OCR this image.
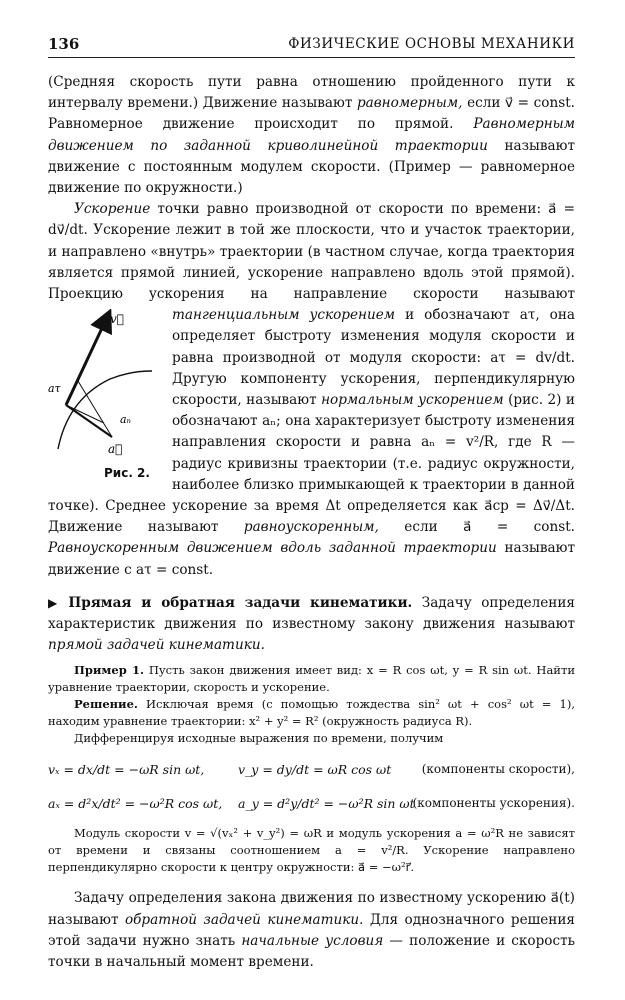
136	ФИЗИЧЕСКИЕ ОСНОВЫ МЕХАНИКИ

(Средняя скорость пути равна отношению пройденного пути к интервалу времени.) Движение называют равномерным, если v⃗ = const. Равномерное движение происходит по прямой. Равномерным движением по заданной криволинейной траектории называют движение с постоянным модулем скорости. (Пример — равномерное движение по окружности.)

Ускорение точки равно производной от скорости по времени: a⃗ = dv⃗/dt. Ускорение лежит в той же плоскости, что и участок траектории, и направлено «внутрь» траектории (в частном случае, когда траектория является прямой линией, ускорение направлено вдоль этой прямой). Проекцию ускорения на направление скорости называют
v⃗
aτ
aₙ
a⃗
Рис. 2.
тангенциальным ускорением и обозначают aτ, она определяет быстроту изменения модуля скорости и равна производной от модуля скорости: aτ = dv/dt. Другую компоненту ускорения, перпендикулярную скорости, называют нормальным ускорением (рис. 2) и обозначают aₙ; она характеризует быстроту изменения направления скорости и равна aₙ = v²/R, где R — радиус кривизны траектории (т.е. радиус окружности, наиболее близко примыкающей к траектории в данной точке). Среднее ускорение за время Δt определяется как a⃗ср = Δv⃗/Δt. Движение называют равноускоренным, если a⃗ = const. Равноускоренным движением вдоль заданной траектории называют движение с aτ = const.

▶ Прямая и обратная задачи кинематики. Задачу определения характеристик движения по известному закону движения называют прямой задачей кинематики.

Пример 1. Пусть закон движения имеет вид: x = R cos ωt, y = R sin ωt. Найти уравнение траектории, скорость и ускорение.

Решение. Исключая время (с помощью тождества sin² ωt + cos² ωt = 1), находим уравнение траектории: x² + y² = R² (окружность радиуса R).

Дифференцируя исходные выражения по времени, получим

vₓ = dx/dt = −ωR sin ωt,	v_y = dy/dt = ωR cos ωt	(компоненты скорости),
aₓ = d²x/dt² = −ω²R cos ωt, a_y = d²y/dt² = −ω²R sin ωt
(компоненты ускорения).

Модуль скорости v = √(vₓ² + v_y²) = ωR и модуль ускорения a = ω²R не зависят от времени и связаны соотношением a = v²/R. Ускорение направлено перпендикулярно скорости к центру окружности: a⃗ = −ω²r⃗.

Задачу определения закона движения по известному ускорению a⃗(t) называют обратной задачей кинематики. Для однозначного решения этой задачи нужно знать начальные условия — положение и скорость точки в начальный момент времени.
